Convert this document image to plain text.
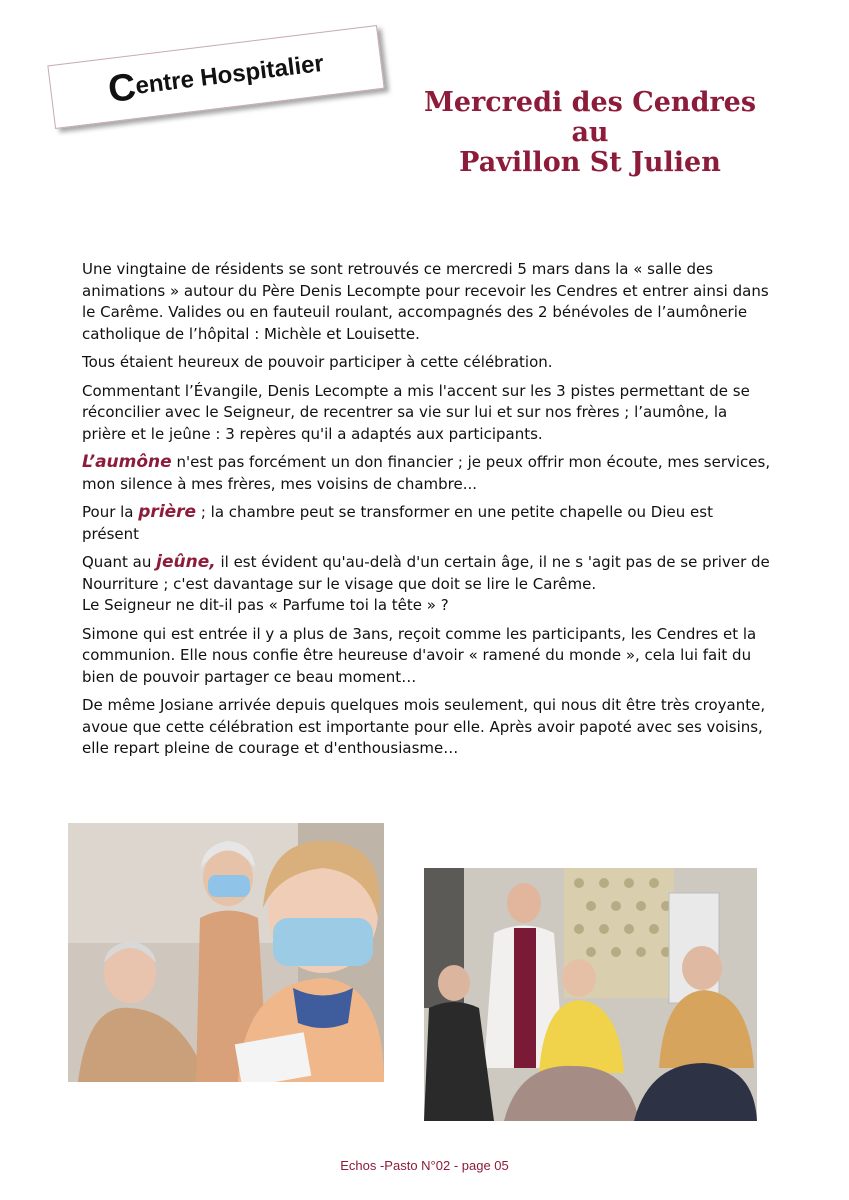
C
entre Hospitalier
Mercredi des Cendres
au
Pavillon St Julien

Une vingtaine de résidents se sont retrouvés ce mercredi 5 mars dans la « salle des animations » autour du Père Denis Lecompte pour recevoir les Cendres et entrer ainsi dans le Carême. Valides ou en fauteuil roulant, accompagnés des 2 bénévoles de l’aumônerie catholique de l’hôpital : Michèle et Louisette.

Tous étaient heureux de pouvoir participer à cette célébration.

Commentant l’Évangile, Denis Lecompte a mis l'accent sur les 3 pistes permettant de se réconcilier avec le Seigneur, de recentrer sa vie sur lui et sur nos frères ; l’aumône, la prière et le jeûne : 3 repères qu'il a adaptés aux participants.

L’aumône n'est pas forcément un don financier ; je peux offrir mon écoute, mes services, mon silence à mes frères, mes voisins de chambre...

Pour la prière ; la chambre peut se transformer en une petite chapelle ou Dieu est présent

Quant au jeûne, il est évident qu'au-delà d'un certain âge, il ne s 'agit pas de se priver de Nourriture ; c'est davantage sur le visage que doit se lire le Carême.
Le Seigneur ne dit-il pas « Parfume toi la tête » ?

Simone qui est entrée il y a plus de 3ans, reçoit comme les participants, les Cendres et la communion. Elle nous confie être heureuse d'avoir « ramené du monde », cela lui fait du bien de pouvoir partager ce beau moment…

De même Josiane arrivée depuis quelques mois seulement, qui nous dit être très croyante, avoue que cette célébration est importante pour elle. Après avoir papoté avec ses voisins, elle repart pleine de courage et d'enthousiasme…

Echos -Pasto N°02 - page 05
